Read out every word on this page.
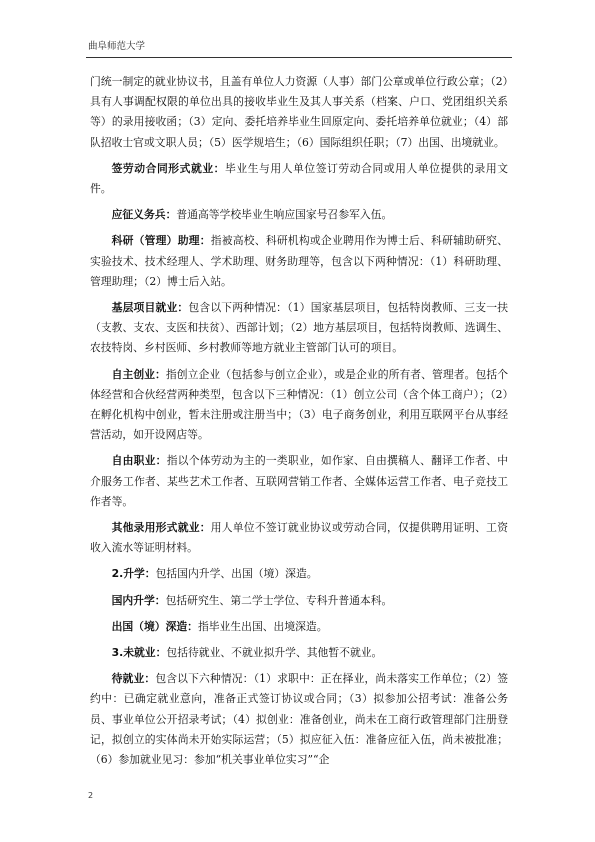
曲阜师范大学

门统一制定的就业协议书，且盖有单位人力资源（人事）部门公章或单位行政公章；（2）具有人事调配权限的单位出具的接收毕业生及其人事关系（档案、户口、党团组织关系等）的录用接收函；（3）定向、委托培养毕业生回原定向、委托培养单位就业；（4）部队招收士官或文职人员；（5）医学规培生；（6）国际组织任职；（7）出国、出境就业。

签劳动合同形式就业：毕业生与用人单位签订劳动合同或用人单位提供的录用文件。

应征义务兵：普通高等学校毕业生响应国家号召参军入伍。

科研（管理）助理：指被高校、科研机构或企业聘用作为博士后、科研辅助研究、实验技术、技术经理人、学术助理、财务助理等，包含以下两种情况：（1）科研助理、管理助理；（2）博士后入站。

基层项目就业：包含以下两种情况：（1）国家基层项目，包括特岗教师、三支一扶（支教、支农、支医和扶贫）、西部计划；（2）地方基层项目，包括特岗教师、选调生、农技特岗、乡村医师、乡村教师等地方就业主管部门认可的项目。

自主创业：指创立企业（包括参与创立企业），或是企业的所有者、管理者。包括个体经营和合伙经营两种类型，包含以下三种情况：（1）创立公司（含个体工商户）；（2）在孵化机构中创业，暂未注册或注册当中；（3）电子商务创业，利用互联网平台从事经营活动，如开设网店等。

自由职业：指以个体劳动为主的一类职业，如作家、自由撰稿人、翻译工作者、中介服务工作者、某些艺术工作者、互联网营销工作者、全媒体运营工作者、电子竞技工作者等。

其他录用形式就业：用人单位不签订就业协议或劳动合同，仅提供聘用证明、工资收入流水等证明材料。

2.升学：包括国内升学、出国（境）深造。

国内升学：包括研究生、第二学士学位、专科升普通本科。

出国（境）深造：指毕业生出国、出境深造。

3.未就业：包括待就业、不就业拟升学、其他暂不就业。

待就业：包含以下六种情况：（1）求职中：正在择业，尚未落实工作单位；（2）签约中：已确定就业意向，准备正式签订协议或合同；（3）拟参加公招考试：准备公务员、事业单位公开招录考试；（4）拟创业：准备创业，尚未在工商行政管理部门注册登记，拟创立的实体尚未开始实际运营；（5）拟应征入伍：准备应征入伍，尚未被批准；（6）参加就业见习：参加“机关事业单位实习”“企

2
